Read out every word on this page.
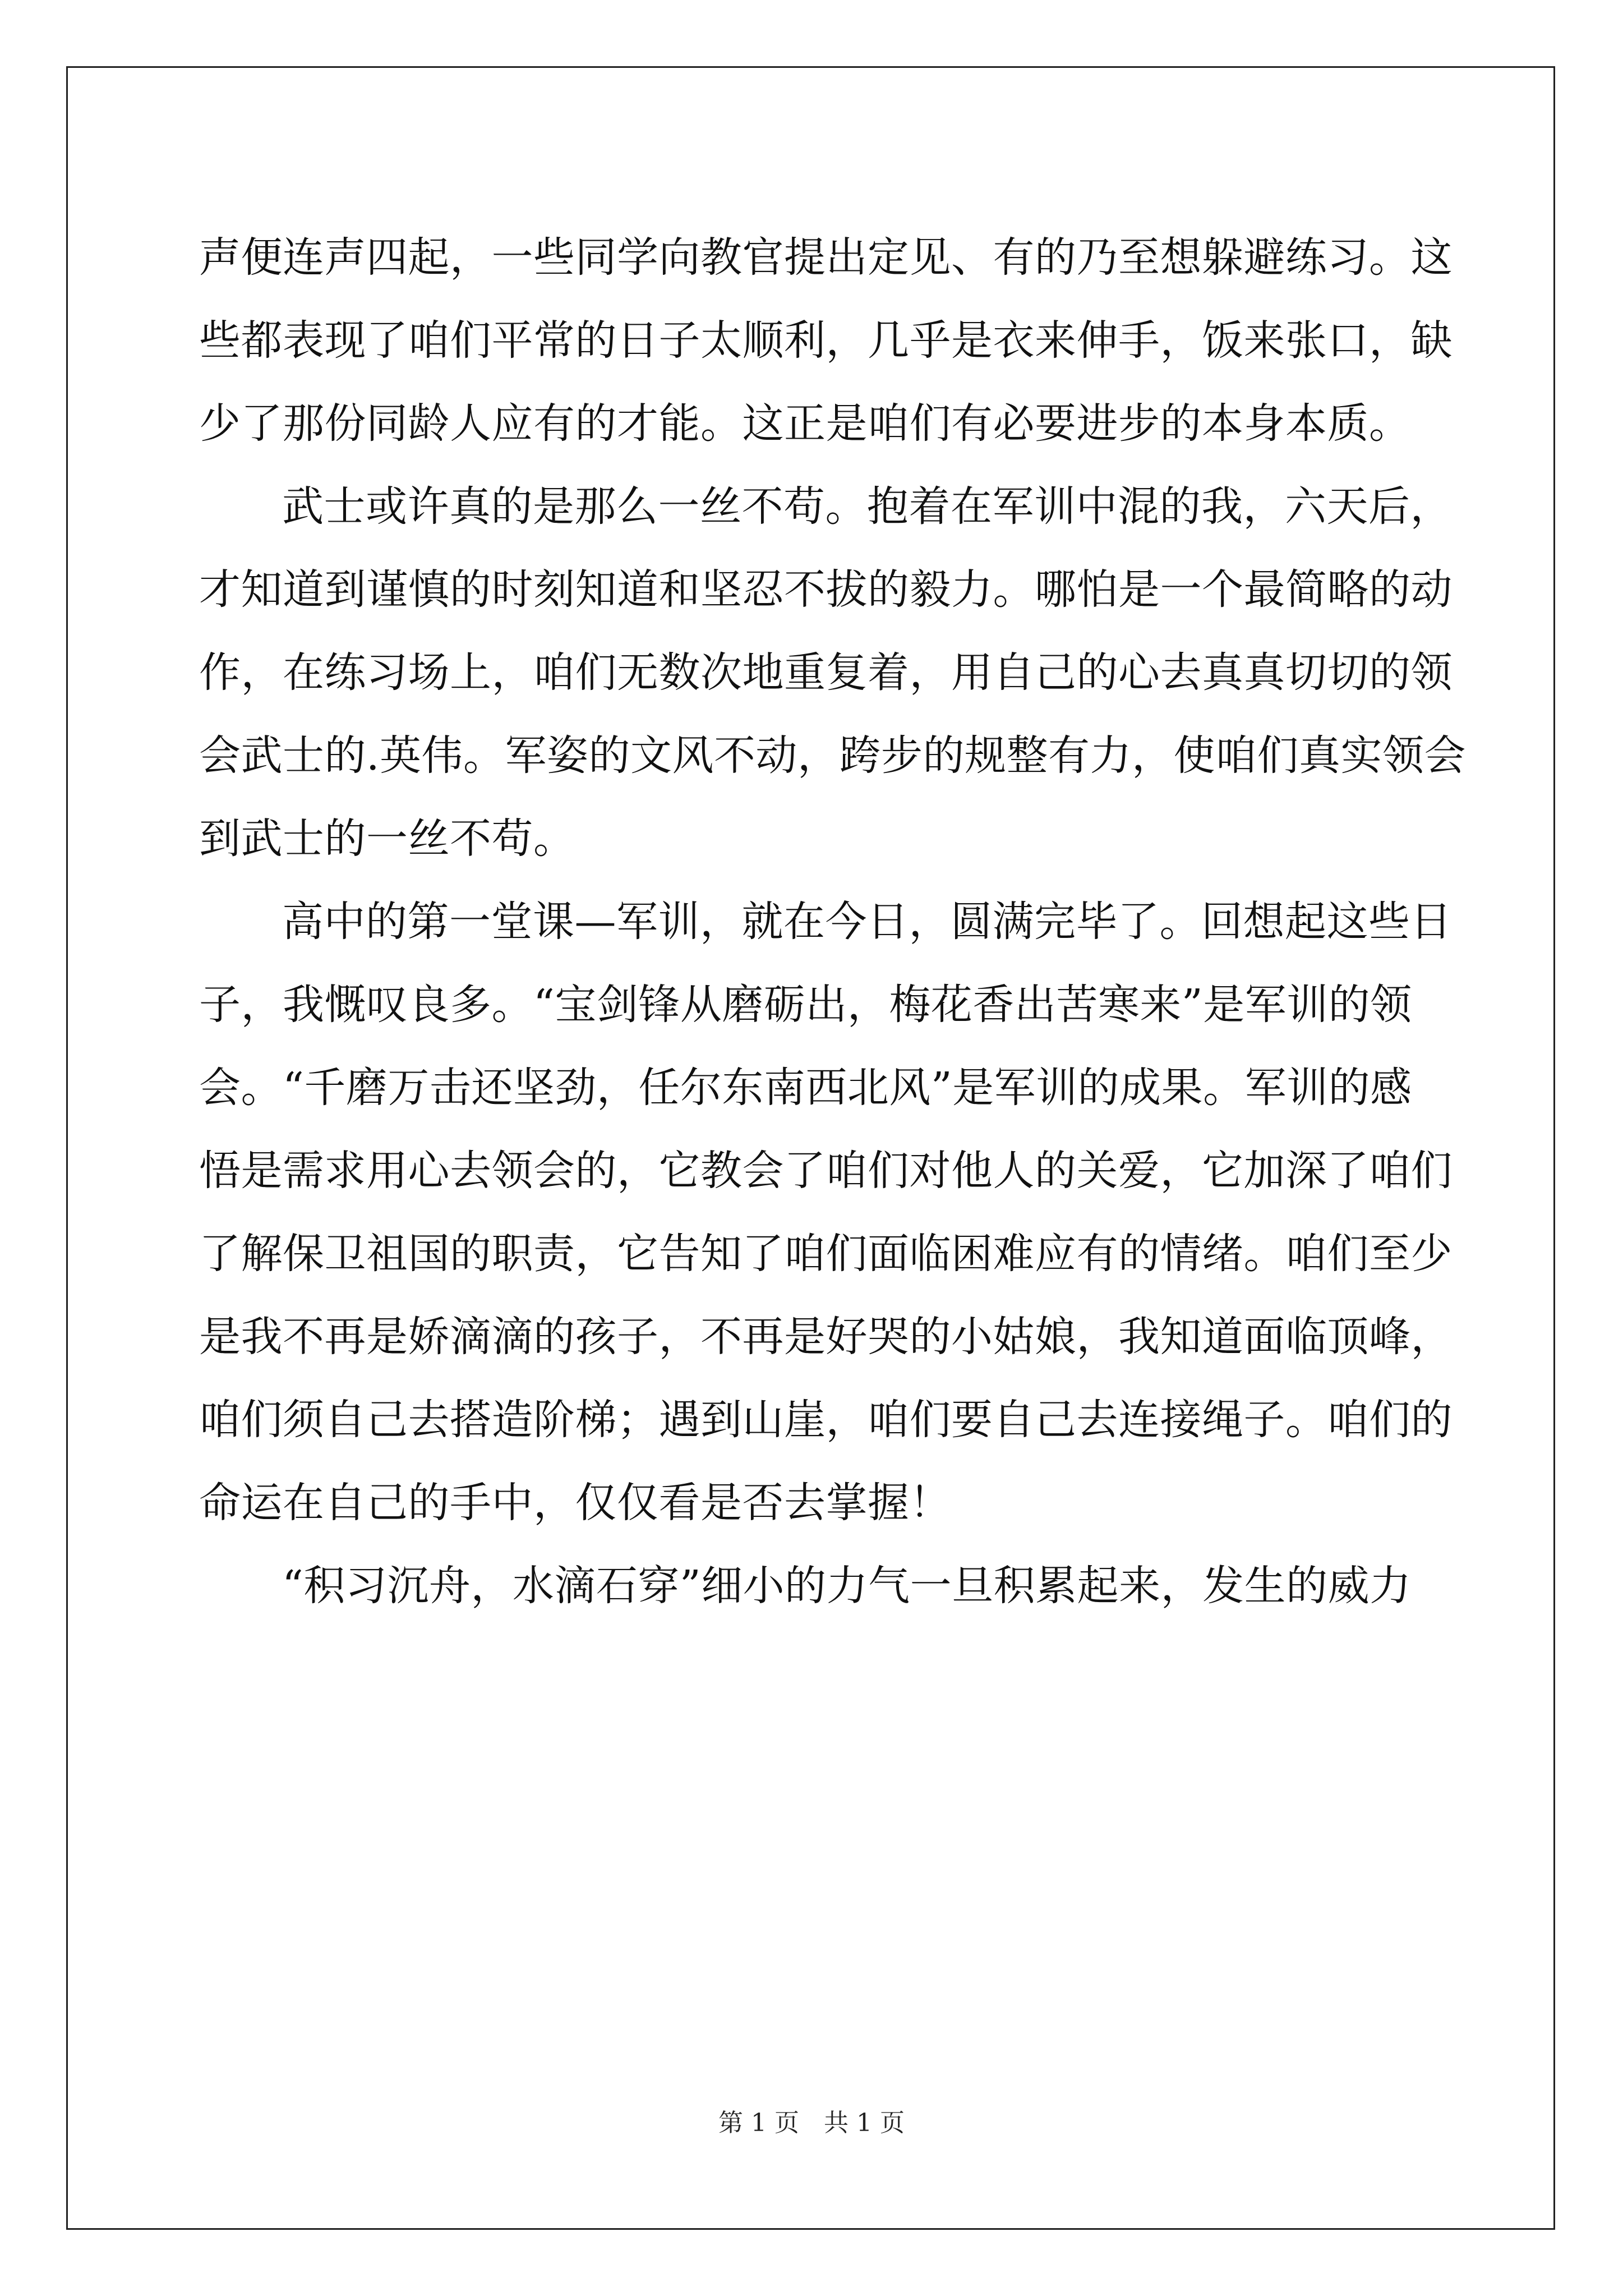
声便连声四起，一些同学向教官提出定见、有的乃至想躲避练习。这
些都表现了咱们平常的日子太顺利，几乎是衣来伸手，饭来张口，缺
少了那份同龄人应有的才能。这正是咱们有必要进步的本身本质。
武士或许真的是那么一丝不苟。抱着在军训中混的我，六天后，
才知道到谨慎的时刻知道和坚忍不拔的毅力。哪怕是一个最简略的动
作，在练习场上，咱们无数次地重复着，用自己的心去真真切切的领
会武士的.英伟。军姿的文风不动，跨步的规整有力，使咱们真实领会
到武士的一丝不苟。
高中的第一堂课—军训，就在今日，圆满完毕了。回想起这些日
子，我慨叹良多。“宝剑锋从磨砺出，梅花香出苦寒来”是军训的领
会。“千磨万击还坚劲，任尔东南西北风”是军训的成果。军训的感
悟是需求用心去领会的，它教会了咱们对他人的关爱，它加深了咱们
了解保卫祖国的职责，它告知了咱们面临困难应有的情绪。咱们至少
是我不再是娇滴滴的孩子，不再是好哭的小姑娘，我知道面临顶峰，
咱们须自己去搭造阶梯；遇到山崖，咱们要自己去连接绳子。咱们的
命运在自己的手中，仅仅看是否去掌握！
“积习沉舟，水滴石穿”细小的力气一旦积累起来，发生的威力
第 1 页　共 1 页
